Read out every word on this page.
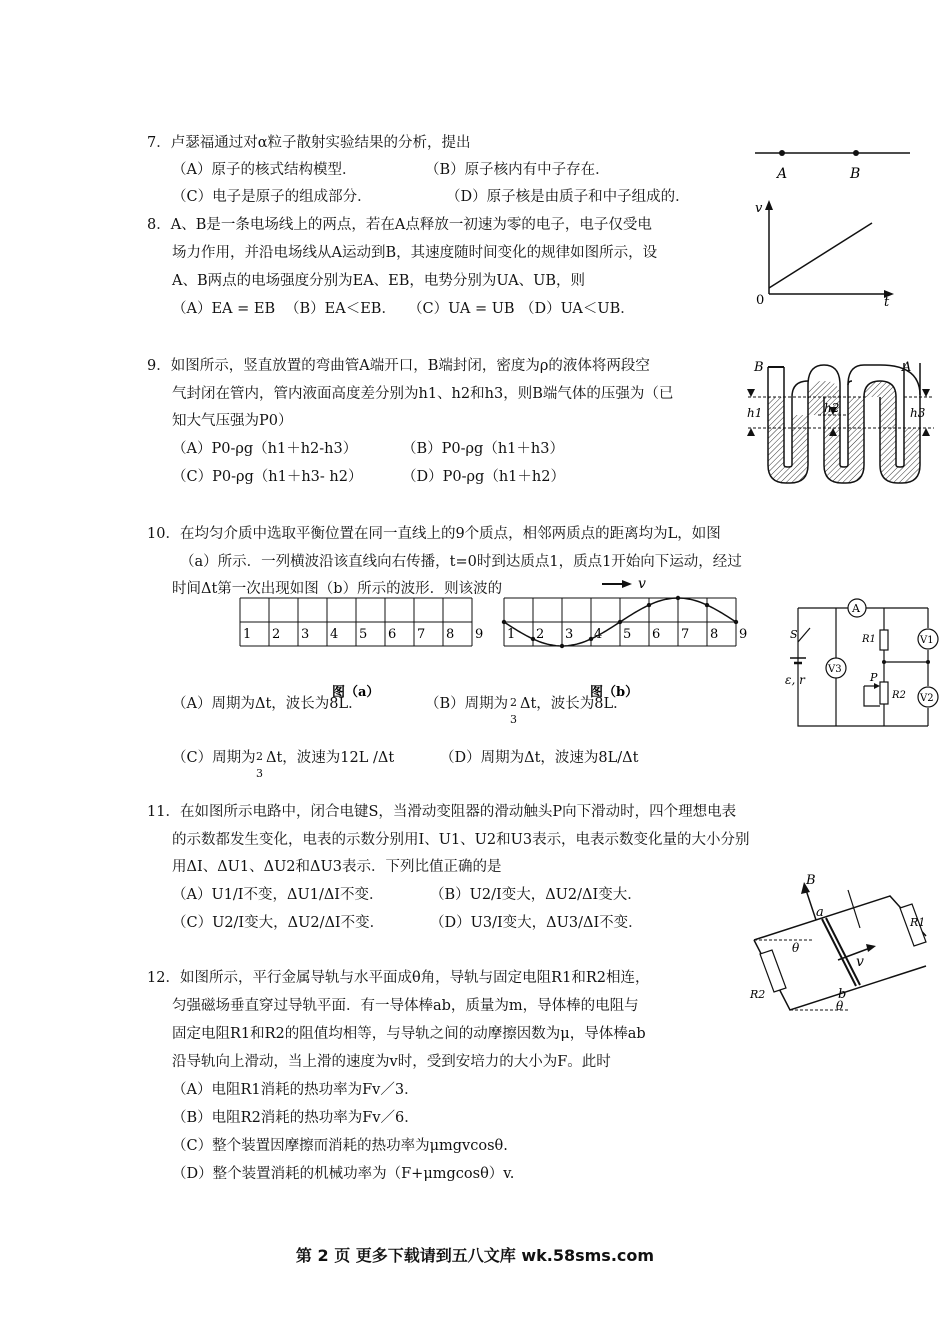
7．卢瑟福通过对α粒子散射实验结果的分析，提出
（A）原子的核式结构模型．	（B）原子核内有中子存在．
（C）电子是原子的组成部分．	（D）原子核是由质子和中子组成的．
A	B
8．A、B是一条电场线上的两点，若在A点释放一初速为零的电子，电子仅受电
场力作用，并沿电场线从A运动到B，其速度随时间变化的规律如图所示，设
A、B两点的电场强度分别为EA、EB，电势分别为UA、UB，则
（A）EA = EB （B）EA＜EB． （C）UA = UB （D）UA＜UB．
v
t
0
9．如图所示，竖直放置的弯曲管A端开口，B端封闭，密度为ρ的液体将两段空
气封闭在管内，管内液面高度差分别为h1、h2和h3，则B端气体的压强为（已
知大气压强为P0）
（A）P0-ρg（h1＋h2-h3）	（B）P0-ρg（h1＋h3）
（C）P0-ρg（h1＋h3- h2）	（D）P0-ρg（h1＋h2）
B	A
h1	h2	h3
10．在均匀介质中选取平衡位置在同一直线上的9个质点，相邻两质点的距离均为L，如图
（a）所示．一列横波沿该直线向右传播，t=0时到达质点1，质点1开始向下运动，经过
时间Δt第一次出现如图（b）所示的波形．则该波的
1 2 3 4 5 6 7 8 9 1 2 3 4 5 6 7 8 9
图（a）	图（b）
v
（A）周期为Δt，波长为8L．	（B）周期为 2
3
Δt，波长为8L．
（C）周期为 2
3
Δt，波速为12L /Δt	（D）周期为Δt，波速为8L/Δt
A
V1
V2
P
R1
R2
S
V3
ε, r
11．在如图所示电路中，闭合电键S，当滑动变阻器的滑动触头P向下滑动时，四个理想电表
的示数都发生变化，电表的示数分别用I、U1、U2和U3表示，电表示数变化量的大小分别
用ΔI、ΔU1、ΔU2和ΔU3表示．下列比值正确的是
（A）U1/I不变，ΔU1/ΔI不变．	（B）U2/I变大，ΔU2/ΔI变大．
（C）U2/I变大，ΔU2/ΔI不变．	（D）U3/I变大，ΔU3/ΔI不变．
B
v
a
b
θ
θ
R1
R2
12．如图所示，平行金属导轨与水平面成θ角，导轨与固定电阻R1和R2相连，
匀强磁场垂直穿过导轨平面．有一导体棒ab，质量为m，导体棒的电阻与
固定电阻R1和R2的阻值均相等，与导轨之间的动摩擦因数为μ，导体棒ab
沿导轨向上滑动，当上滑的速度为v时，受到安培力的大小为F。此时
（A）电阻R1消耗的热功率为Fv／3．
（B）电阻R2消耗的热功率为Fv／6．
（C）整个装置因摩擦而消耗的热功率为μmgvcosθ.
（D）整个装置消耗的机械功率为（F+μmgcosθ）v.
第 2 页 更多下载请到五八文库 wk.58sms.com
